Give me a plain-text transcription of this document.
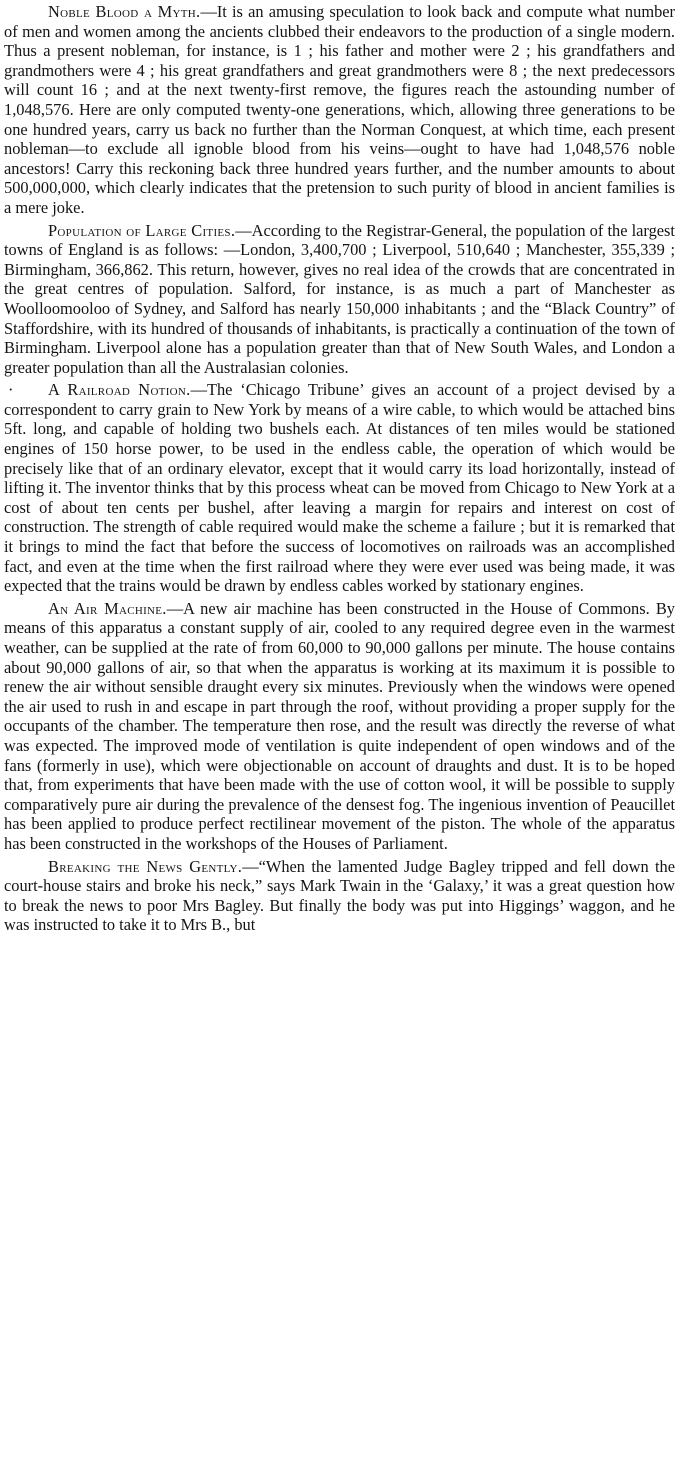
Noble Blood a Myth.—It is an amusing speculation to look back and compute what number of men and women among the ancients clubbed their endeavors to the production of a single modern. Thus a present nobleman, for instance, is 1 ; his father and mother were 2 ; his grandfathers and grandmothers were 4 ; his great grandfathers and great grandmothers were 8 ; the next predecessors will count 16 ; and at the next twenty-first remove, the figures reach the astounding number of 1,048,576. Here are only computed twenty-one generations, which, allowing three generations to be one hundred years, carry us back no further than the Norman Conquest, at which time, each present nobleman—to exclude all ignoble blood from his veins—ought to have had 1,048,576 noble ancestors! Carry this reckoning back three hundred years further, and the number amounts to about 500,000,000, which clearly indicates that the pretension to such purity of blood in ancient families is a mere joke.

Population of Large Cities.—According to the Registrar-General, the population of the largest towns of England is as follows: —London, 3,400,700 ; Liverpool, 510,640 ; Manchester, 355,339 ; Birmingham, 366,862. This return, however, gives no real idea of the crowds that are concentrated in the great centres of population. Salford, for instance, is as much a part of Manchester as Woolloomooloo of Sydney, and Salford has nearly 150,000 inhabitants ; and the “Black Country” of Staffordshire, with its hundred of thousands of inhabitants, is practically a continuation of the town of Birmingham. Liverpool alone has a population greater than that of New South Wales, and London a greater population than all the Australasian colonies.

· A Railroad Notion.—The ‘Chicago Tribune’ gives an account of a project devised by a correspondent to carry grain to New York by means of a wire cable, to which would be attached bins 5ft. long, and capable of holding two bushels each. At distances of ten miles would be stationed engines of 150 horse power, to be used in the endless cable, the operation of which would be precisely like that of an ordinary elevator, except that it would carry its load horizontally, instead of lifting it. The inventor thinks that by this process wheat can be moved from Chicago to New York at a cost of about ten cents per bushel, after leaving a margin for repairs and interest on cost of construction. The strength of cable required would make the scheme a failure ; but it is remarked that it brings to mind the fact that before the success of locomotives on railroads was an accomplished fact, and even at the time when the first railroad where they were ever used was being made, it was expected that the trains would be drawn by endless cables worked by stationary engines.

An Air Machine.—A new air machine has been constructed in the House of Commons. By means of this apparatus a constant supply of air, cooled to any required degree even in the warmest weather, can be supplied at the rate of from 60,000 to 90,000 gallons per minute. The house contains about 90,000 gallons of air, so that when the apparatus is working at its maximum it is possible to renew the air without sensible draught every six minutes. Previously when the windows were opened the air used to rush in and escape in part through the roof, without providing a proper supply for the occupants of the chamber. The temperature then rose, and the result was directly the reverse of what was expected. The improved mode of ventilation is quite independent of open windows and of the fans (formerly in use), which were objectionable on account of draughts and dust. It is to be hoped that, from experiments that have been made with the use of cotton wool, it will be possible to supply comparatively pure air during the prevalence of the densest fog. The ingenious invention of Peaucillet has been applied to produce perfect rectilinear movement of the piston. The whole of the apparatus has been constructed in the workshops of the Houses of Parliament.

Breaking the News Gently.—“When the lamented Judge Bagley tripped and fell down the court-house stairs and broke his neck,” says Mark Twain in the ‘Galaxy,’ it was a great question how to break the news to poor Mrs Bagley. But finally the body was put into Higgings’ waggon, and he was instructed to take it to Mrs B., but
